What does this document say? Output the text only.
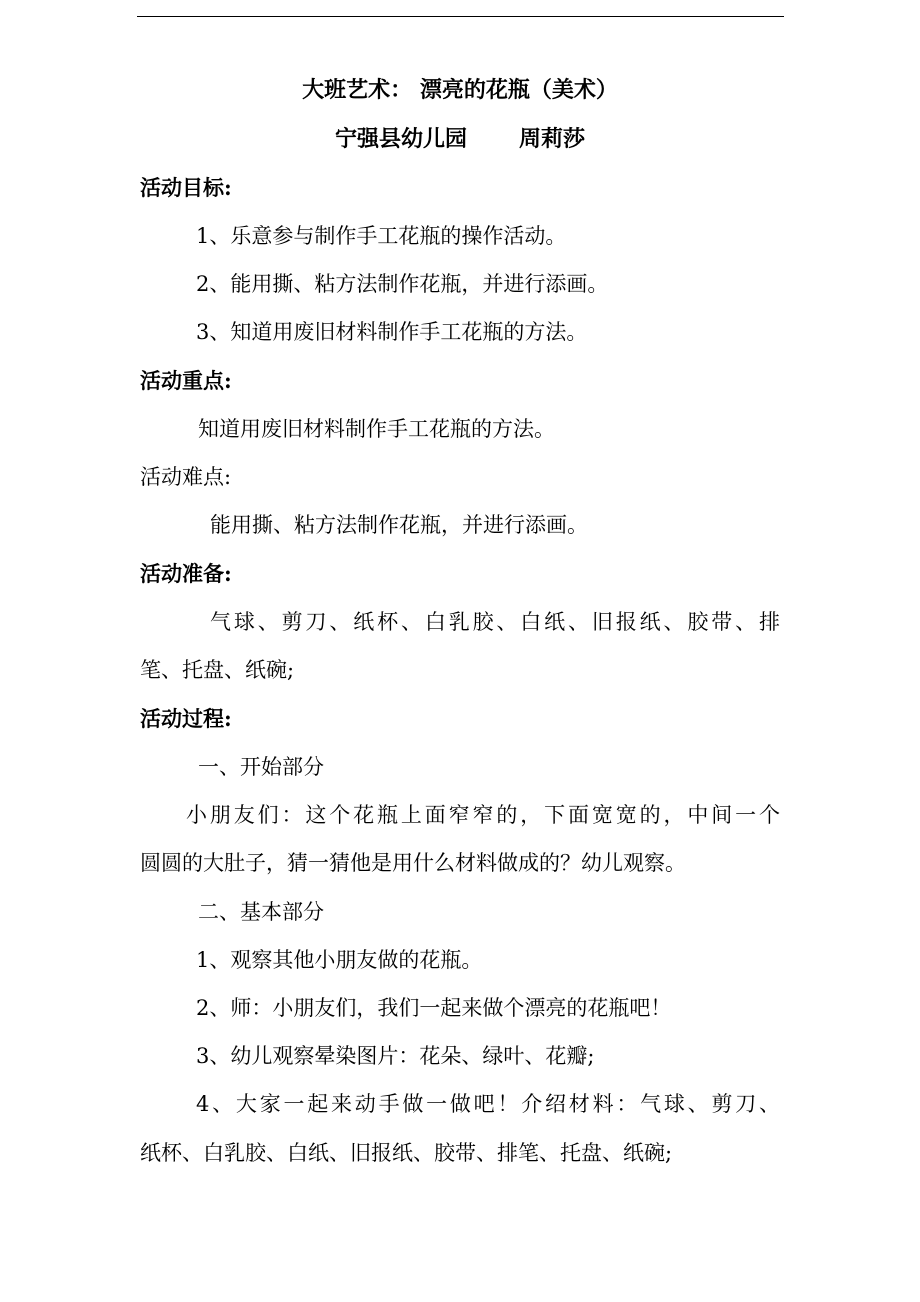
大班艺术： 漂亮的花瓶（美术）
宁强县幼儿园 周莉莎
活动目标:
1、乐意参与制作手工花瓶的操作活动。
2、能用撕、粘方法制作花瓶，并进行添画。
3、知道用废旧材料制作手工花瓶的方法。
活动重点:
知道用废旧材料制作手工花瓶的方法。
活动难点:
能用撕、粘方法制作花瓶，并进行添画。
活动准备:
气球、剪刀、纸杯、白乳胶、白纸、旧报纸、胶带、排
笔、托盘、纸碗;
活动过程:
一、开始部分
小朋友们：这个花瓶上面窄窄的，下面宽宽的，中间一个
圆圆的大肚子，猜一猜他是用什么材料做成的？幼儿观察。
二、基本部分
1、观察其他小朋友做的花瓶。
2、师：小朋友们，我们一起来做个漂亮的花瓶吧！
3、幼儿观察晕染图片：花朵、绿叶、花瓣;
4、大家一起来动手做一做吧！介绍材料：气球、剪刀、
纸杯、白乳胶、白纸、旧报纸、胶带、排笔、托盘、纸碗;
